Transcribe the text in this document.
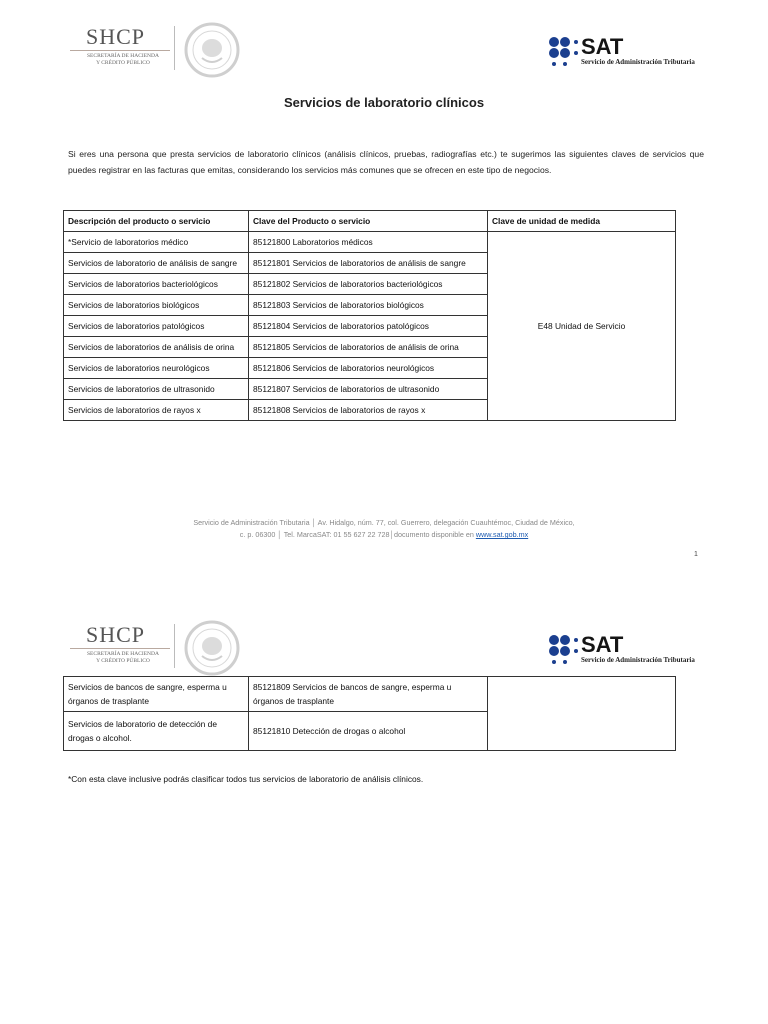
SHCP
SECRETARÍA DE HACIENDA
Y CRÉDITO PÚBLICO
SAT
Servicio de Administración Tributaria
Servicios de laboratorio clínicos
Si eres una persona que presta servicios de laboratorio clínicos (análisis clínicos, pruebas, radiografías etc.) te sugerimos las siguientes claves de servicios que puedes registrar en las facturas que emitas, considerando los servicios más comunes que se ofrecen en este tipo de negocios.
Descripción del producto o servicio	Clave del Producto o servicio	Clave de unidad de medida
*Servicio de laboratorios médico	85121800 Laboratorios médicos	E48 Unidad de Servicio
Servicios de laboratorio de análisis de sangre	85121801 Servicios de laboratorios de análisis de sangre	
Servicios de laboratorios bacteriológicos	85121802 Servicios de laboratorios bacteriológicos	
Servicios de laboratorios biológicos	85121803 Servicios de laboratorios biológicos	
Servicios de laboratorios patológicos	85121804 Servicios de laboratorios patológicos	
Servicios de laboratorios de análisis de orina	85121805 Servicios de laboratorios de análisis de orina	
Servicios de laboratorios neurológicos	85121806 Servicios de laboratorios neurológicos	
Servicios de laboratorios de ultrasonido	85121807 Servicios de laboratorios de ultrasonido	
Servicios de laboratorios de rayos x	85121808 Servicios de laboratorios de rayos x	
Servicio de Administración Tributaria │ Av. Hidalgo, núm. 77, col. Guerrero, delegación Cuauhtémoc, Ciudad de México,
c. p. 06300 │ Tel. MarcaSAT: 01 55 627 22 728│documento disponible en www.sat.gob.mx
1
SHCP
SECRETARÍA DE HACIENDA
Y CRÉDITO PÚBLICO
SAT
Servicio de Administración Tributaria
Servicios de bancos de sangre, esperma u órganos de trasplante	85121809 Servicios de bancos de sangre, esperma u órganos de trasplante	
Servicios de laboratorio de detección de drogas o alcohol.	85121810 Detección de drogas o alcohol	
*Con esta clave inclusive podrás clasificar todos tus servicios de laboratorio de análisis clínicos.
